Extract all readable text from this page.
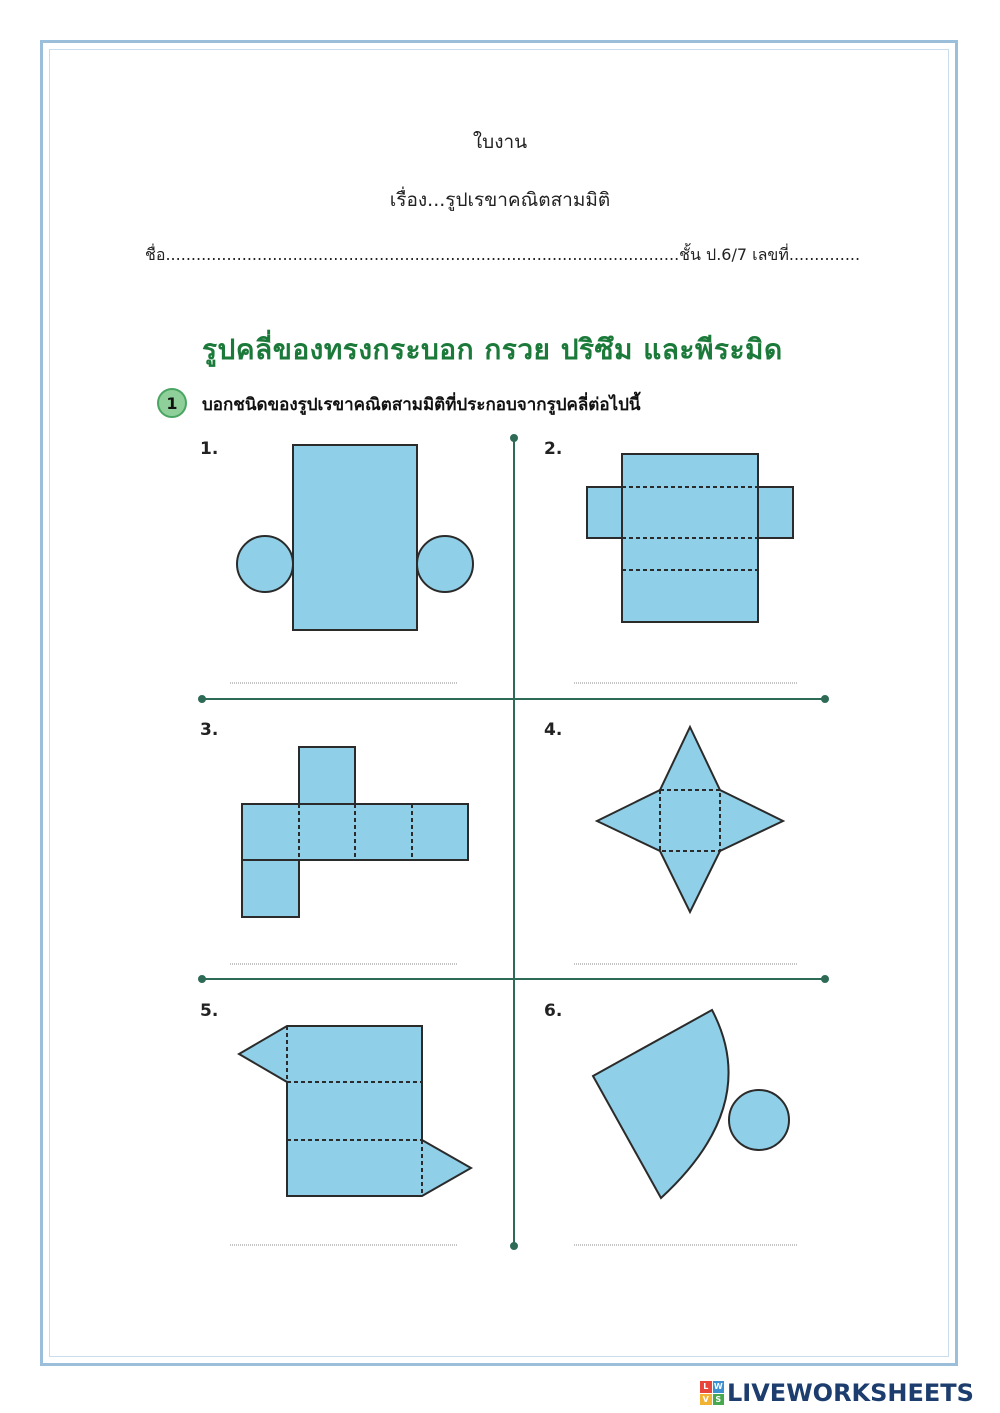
ใบงาน
เรื่อง...รูปเรขาคณิตสามมิติ
ชื่อ.....................................................................................................ชั้น ป.6/7 เลขที่..............
รูปคลี่ของทรงกระบอก กรวย ปริซึม และพีระมิด
1	บอกชนิดของรูปเรขาคณิตสามมิติที่ประกอบจากรูปคลี่ต่อไปนี้
1.	2.
3.	4.
5.	6.
L W
V S LIVEWORKSHEETS
